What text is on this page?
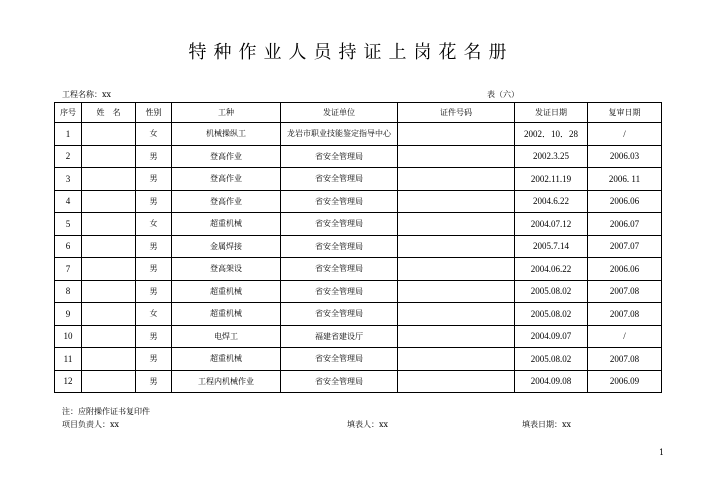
特种作业人员持证上岗花名册
工程名称：xx	表（六）
序号	姓　名	性别	工种	发证单位	证件号码	发证日期	复审日期
1		女	机械操纵工	龙岩市职业技能鉴定指导中心		2002．10．28	/
2		男	登高作业	省安全管理局		2002.3.25	2006.03
3		男	登高作业	省安全管理局		2002.11.19	2006. 11
4		男	登高作业	省安全管理局		2004.6.22	2006.06
5		女	超重机械	省安全管理局		2004.07.12	2006.07
6		男	金属焊接	省安全管理局		2005.7.14	2007.07
7		男	登高架设	省安全管理局		2004.06.22	2006.06
8		男	超重机械	省安全管理局		2005.08.02	2007.08
9		女	超重机械	省安全管理局		2005.08.02	2007.08
10		男	电焊工	福建省建设厅		2004.09.07	/
11		男	超重机械	省安全管理局		2005.08.02	2007.08
12		男	工程内机械作业	省安全管理局		2004.09.08	2006.09
注：应附操作证书复印件
项目负责人：xx	填表人：xx	填表日期：xx
1
